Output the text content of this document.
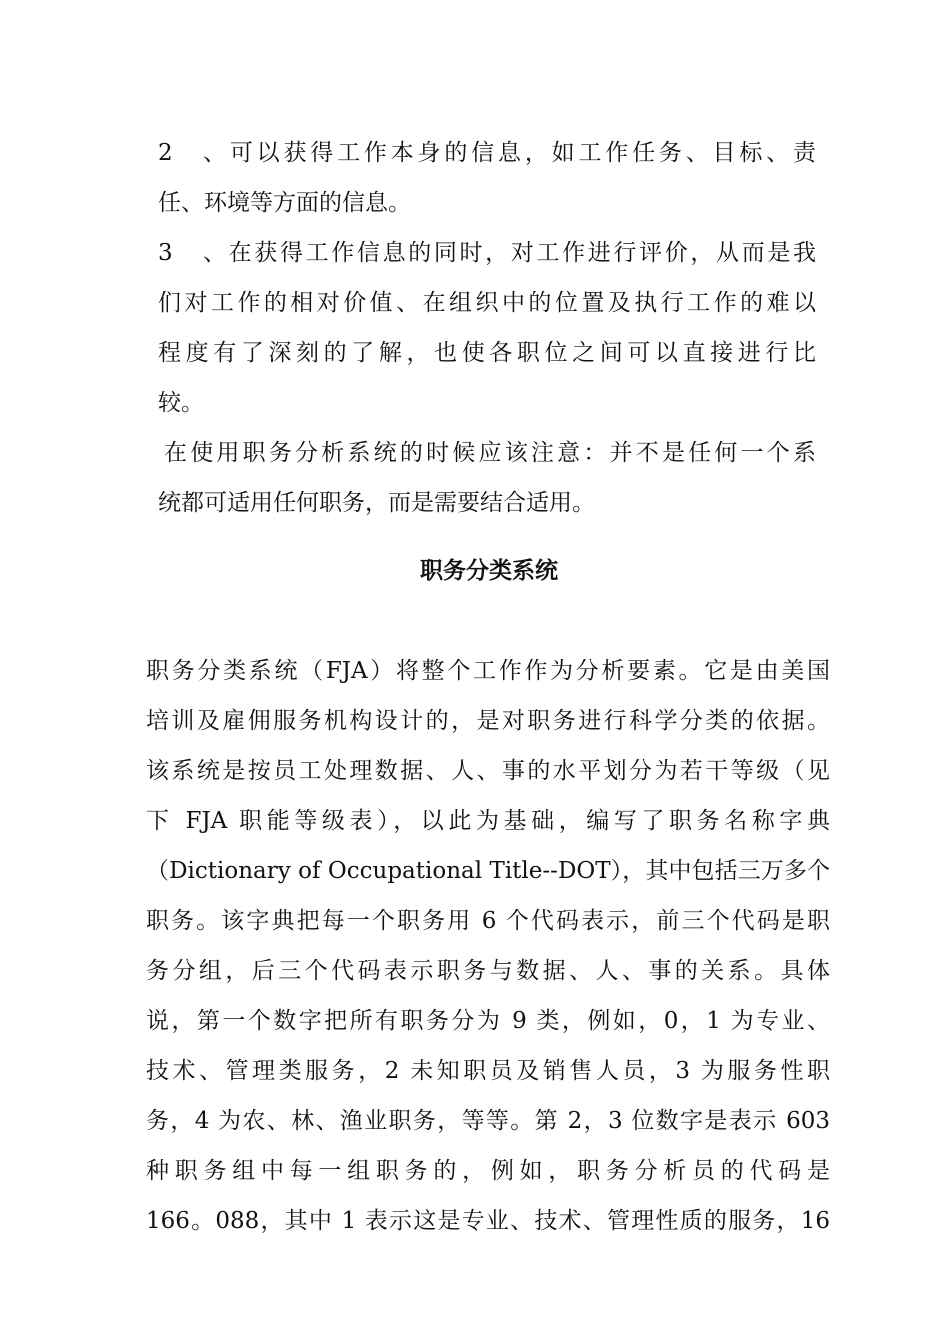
2、可以获得工作本身的信息，如工作任务、目标、责
任、环境等方面的信息。
3、在获得工作信息的同时，对工作进行评价，从而是我
们对工作的相对价值、在组织中的位置及执行工作的难以
程度有了深刻的了解，也使各职位之间可以直接进行比
较。
在使用职务分析系统的时候应该注意：并不是任何一个系
统都可适用任何职务，而是需要结合适用。
职务分类系统
职务分类系统（FJA）将整个工作作为分析要素。它是由美国
培训及雇佣服务机构设计的，是对职务进行科学分类的依据。
该系统是按员工处理数据、人、事的水平划分为若干等级（见
下 FJA 职能等级表），以此为基础，编写了职务名称字典
（Dictionary of Occupational Title--DOT），其中包括三万多个
职务。该字典把每一个职务用 6 个代码表示，前三个代码是职
务分组，后三个代码表示职务与数据、人、事的关系。具体
说，第一个数字把所有职务分为 9 类，例如，0，1 为专业、
技术、管理类服务，2 未知职员及销售人员，3 为服务性职
务，4 为农、林、渔业职务，等等。第 2，3 位数字是表示 603
种职务组中每一组职务的，例如，职务分析员的代码是
166。088，其中 1 表示这是专业、技术、管理性质的服务，16
